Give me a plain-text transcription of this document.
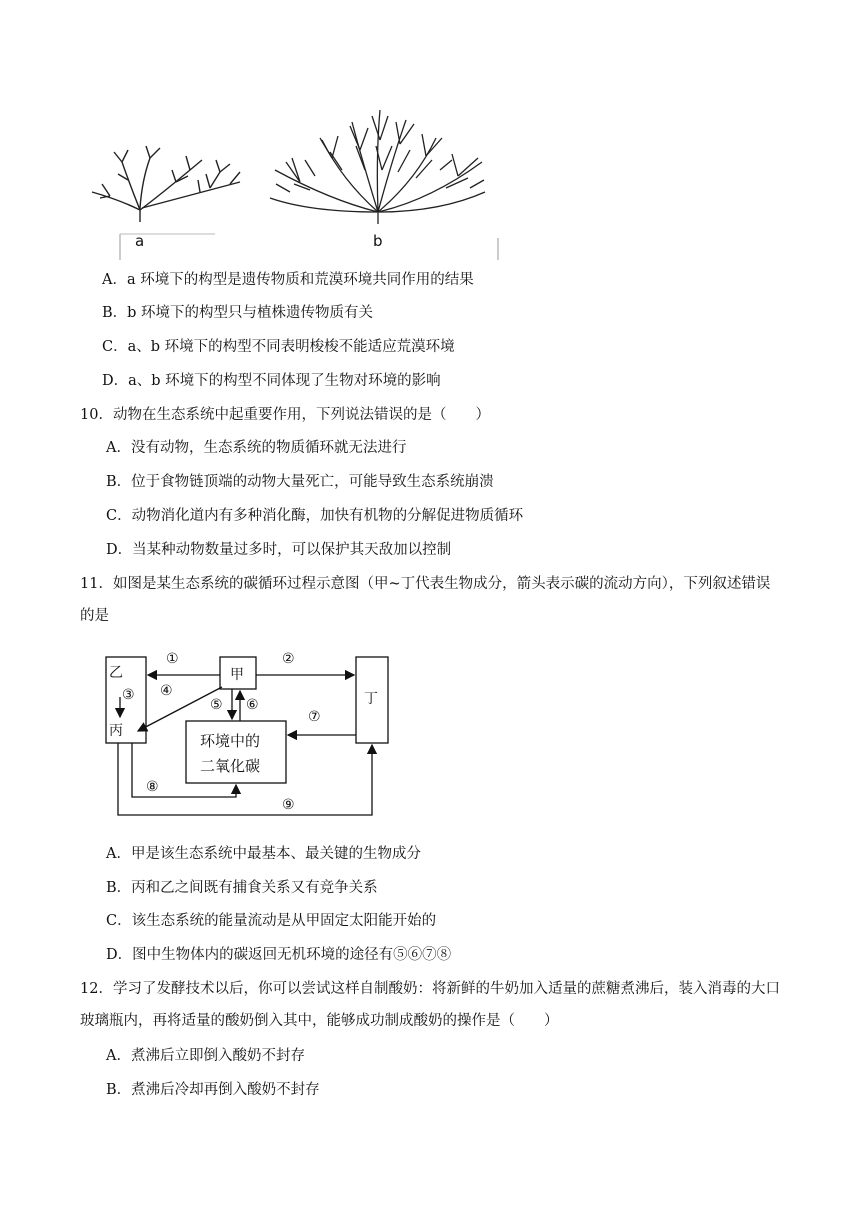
a	b
A．a 环境下的构型是遗传物质和荒漠环境共同作用的结果
B．b 环境下的构型只与植株遗传物质有关
C．a、b 环境下的构型不同表明梭梭不能适应荒漠环境
D．a、b 环境下的构型不同体现了生物对环境的影响
10．动物在生态系统中起重要作用，下列说法错误的是（　　）
A．没有动物，生态系统的物质循环就无法进行
B．位于食物链顶端的动物大量死亡，可能导致生态系统崩溃
C．动物消化道内有多种消化酶，加快有机物的分解促进物质循环
D．当某种动物数量过多时，可以保护其天敌加以控制
11．如图是某生态系统的碳循环过程示意图（甲~丁代表生物成分，箭头表示碳的流动方向），下列叙述错误的是
乙
丙
甲
丁
环境中的
二氧化碳
①	②
③ ④
⑤ ⑥
⑦
⑧
⑨
A．甲是该生态系统中最基本、最关键的生物成分
B．丙和乙之间既有捕食关系又有竞争关系
C．该生态系统的能量流动是从甲固定太阳能开始的
D．图中生物体内的碳返回无机环境的途径有⑤⑥⑦⑧
12．学习了发酵技术以后，你可以尝试这样自制酸奶：将新鲜的牛奶加入适量的蔗糖煮沸后，装入消毒的大口玻璃瓶内，再将适量的酸奶倒入其中，能够成功制成酸奶的操作是（　　）
A．煮沸后立即倒入酸奶不封存
B．煮沸后冷却再倒入酸奶不封存
